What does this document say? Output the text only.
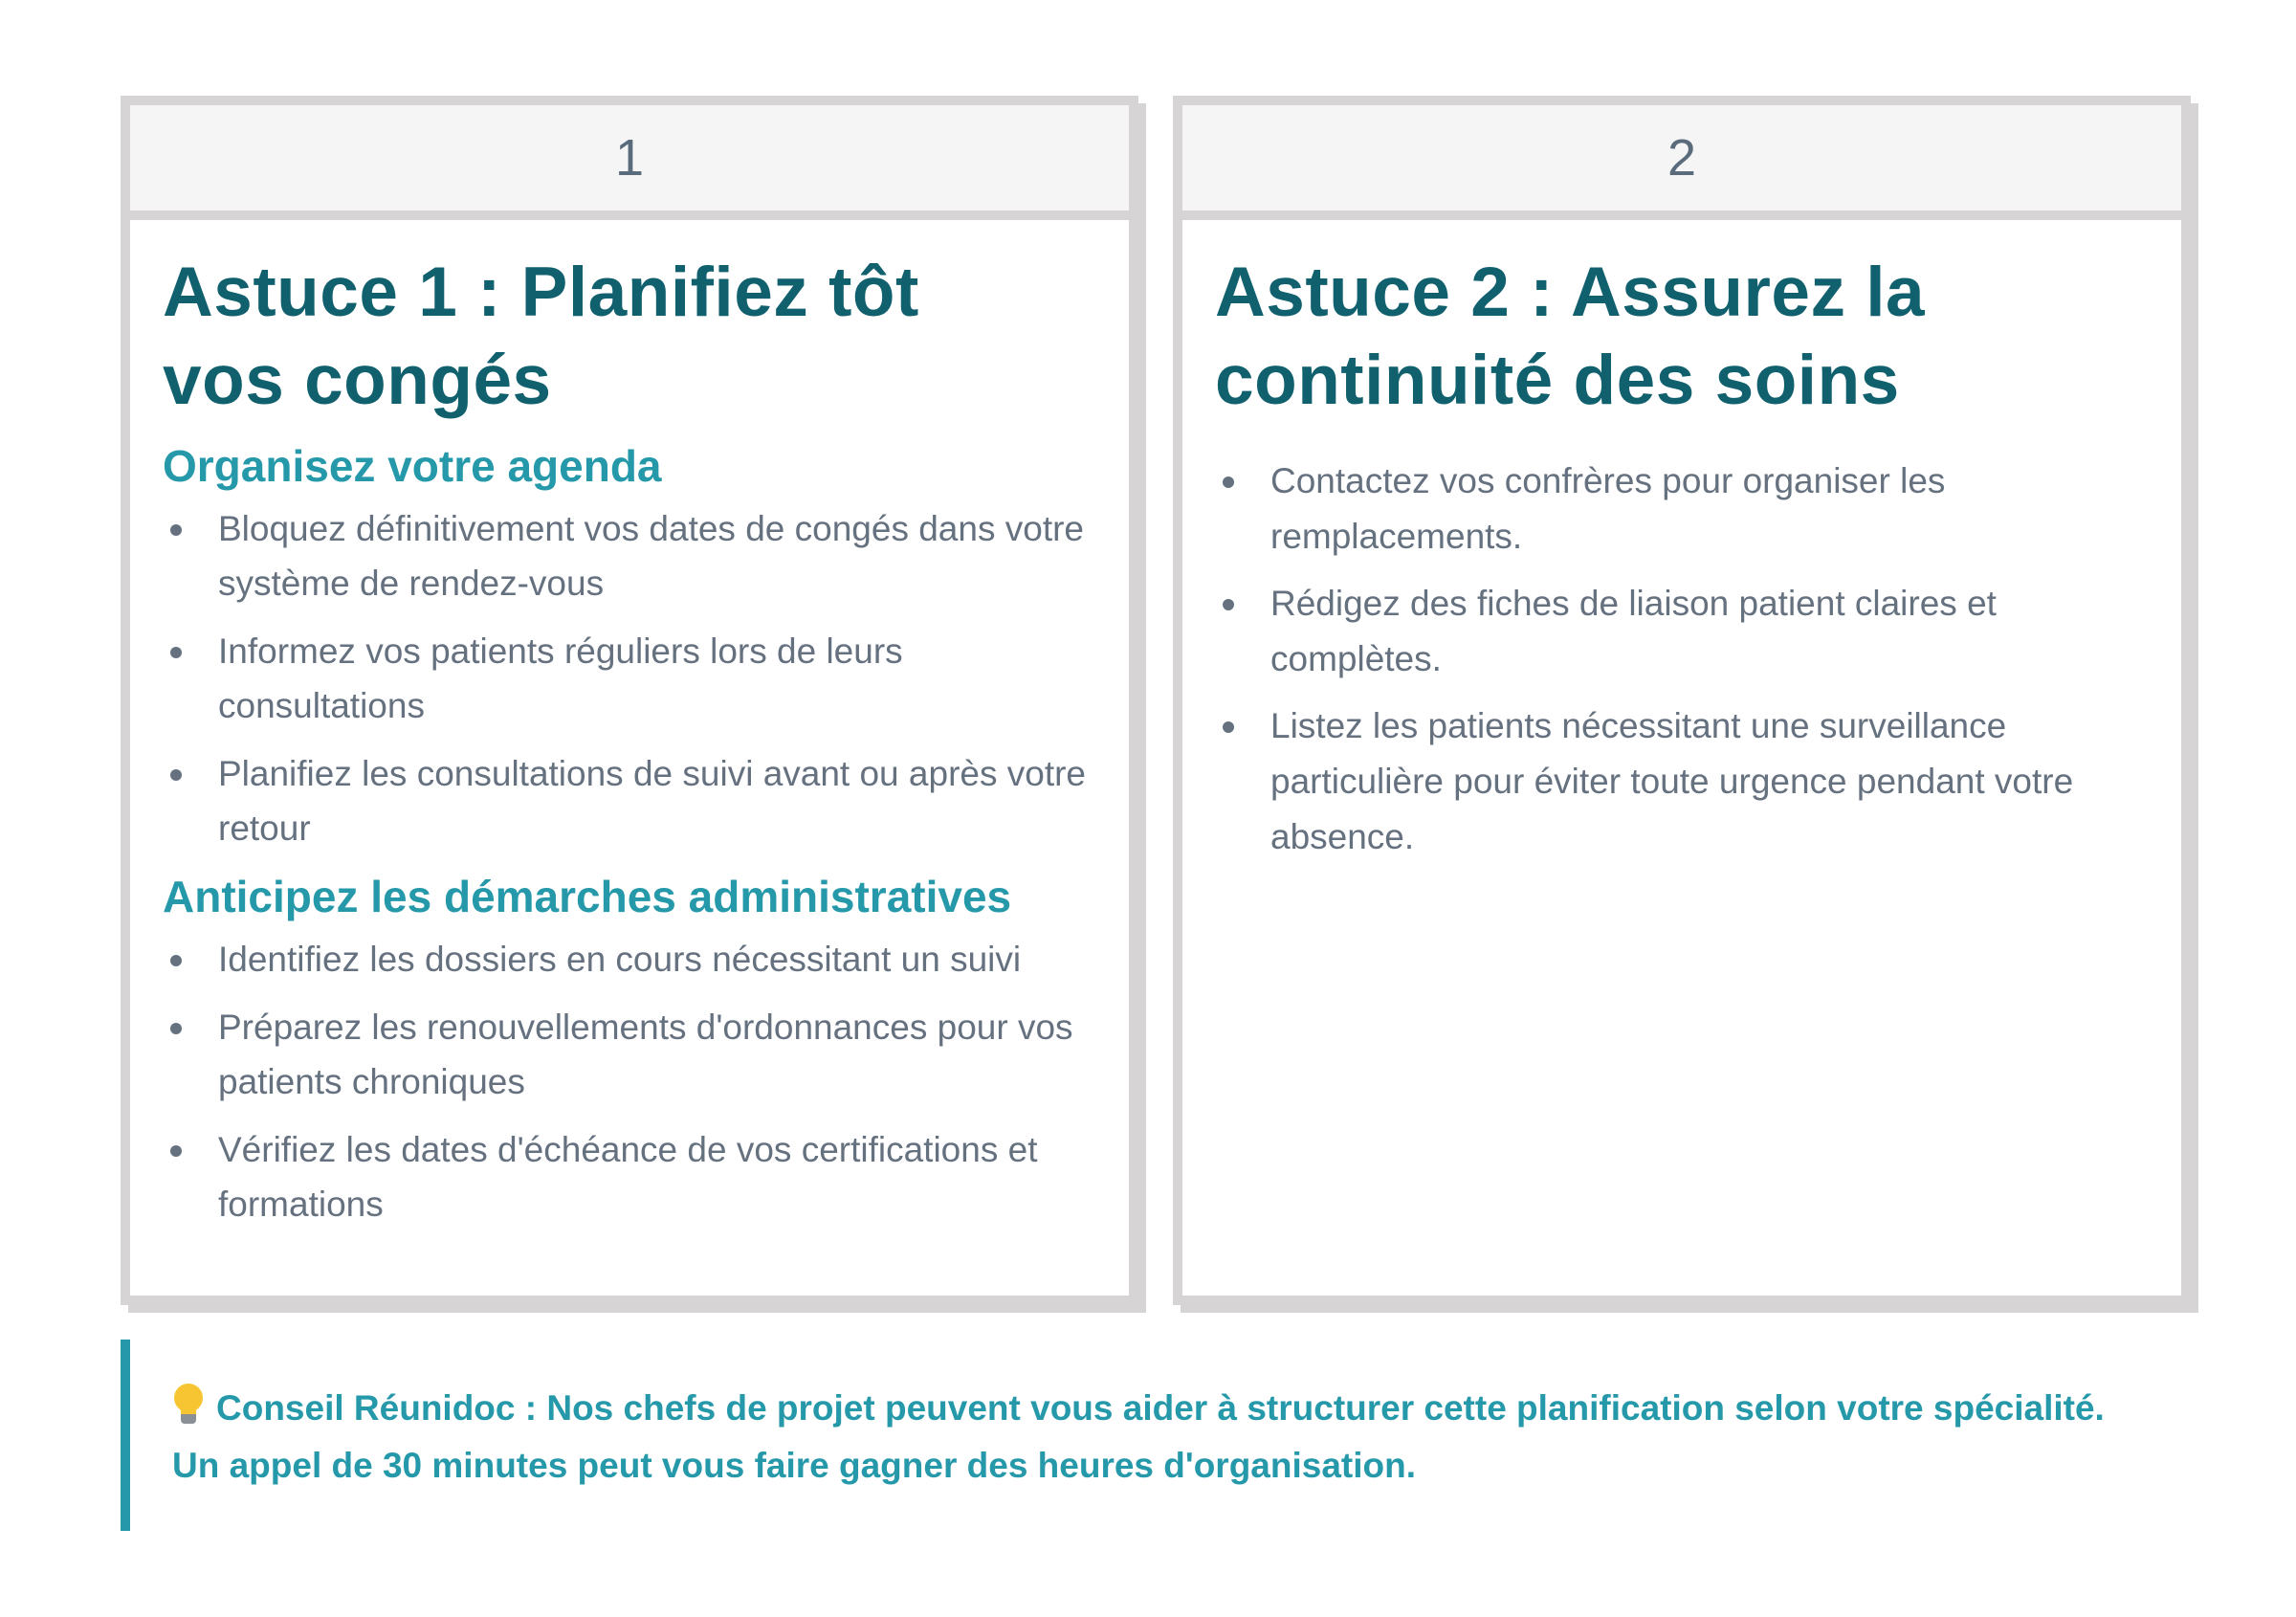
1
Astuce 1 : Planifiez tôt vos congés
Organisez votre agenda
Bloquez définitivement vos dates de congés dans votre système de rendez-vous
Informez vos patients réguliers lors de leurs consultations
Planifiez les consultations de suivi avant ou après votre retour
Anticipez les démarches administratives
Identifiez les dossiers en cours nécessitant un suivi
Préparez les renouvellements d'ordonnances pour vos patients chroniques
Vérifiez les dates d'échéance de vos certifications et formations
2
Astuce 2 : Assurez la continuité des soins
Contactez vos confrères pour organiser les remplacements.
Rédigez des fiches de liaison patient claires et complètes.
Listez les patients nécessitant une surveillance particulière pour éviter toute urgence pendant votre absence.

Conseil Réunidoc : Nos chefs de projet peuvent vous aider à structurer cette planification selon votre spécialité. Un appel de 30 minutes peut vous faire gagner des heures d'organisation.
